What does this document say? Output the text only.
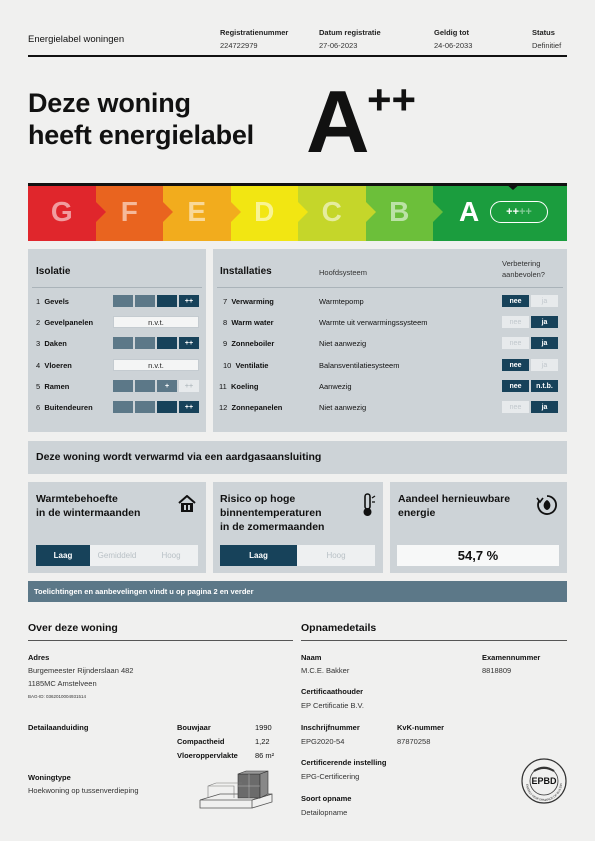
Energielabel woningen
Registratienummer
224722979
Datum registratie
27-06-2023
Geldig tot
24-06-2033
Status
Definitief
Deze woning
heeft energielabel A ++
G F E D C B A ++ ++
Isolatie
1 Gevels	++
2 Gevelpanelen	n.v.t.
3 Daken	++
4 Vloeren	n.v.t.
5 Ramen	+	++
6 Buitendeuren	++
Installaties	Hoofdsysteem
Verbetering
aanbevolen?
7 Verwarming	Warmtepomp	nee	ja
8 Warm water	Warmte uit verwarmingssysteem	nee	ja
9 Zonneboiler	Niet aanwezig	nee	ja
10 Ventilatie	Balansventilatiesysteem	nee	ja
11 Koeling	Aanwezig	nee	n.t.b.
12 Zonnepanelen	Niet aanwezig	nee	ja
Deze woning wordt verwarmd via een aardgasaansluiting
Warmtebehoefte
in de wintermaanden
Laag	Gemiddeld	Hoog
Risico op hoge
binnentemperaturen
in de zomermaanden
Laag	Hoog
Aandeel hernieuwbare
energie
54,7 %
Toelichtingen en aanbevelingen vindt u op pagina 2 en verder
Over deze woning
Adres
Burgemeester Rijnderslaan 482
1185MC Amstelveen
BAG-ID: 0362010004931514
Detailaanduiding	Bouwjaar	1990
Compactheid	1,22
Vloeroppervlakte 86 m²
Woningtype
Hoekwoning op tussenverdieping
Opnamedetails
Naam
M.C.E. Bakker
Examennummer
8818809
Certificaathouder
EP Certificatie B.V.
Inschrijfnummer
EPG2020-54
KvK-nummer
87870258
Certificerende instelling
EPG-Certificering
Soort opname
Detailopname
EPBD
ENERGY PERFORMANCE OF BUILDIN
